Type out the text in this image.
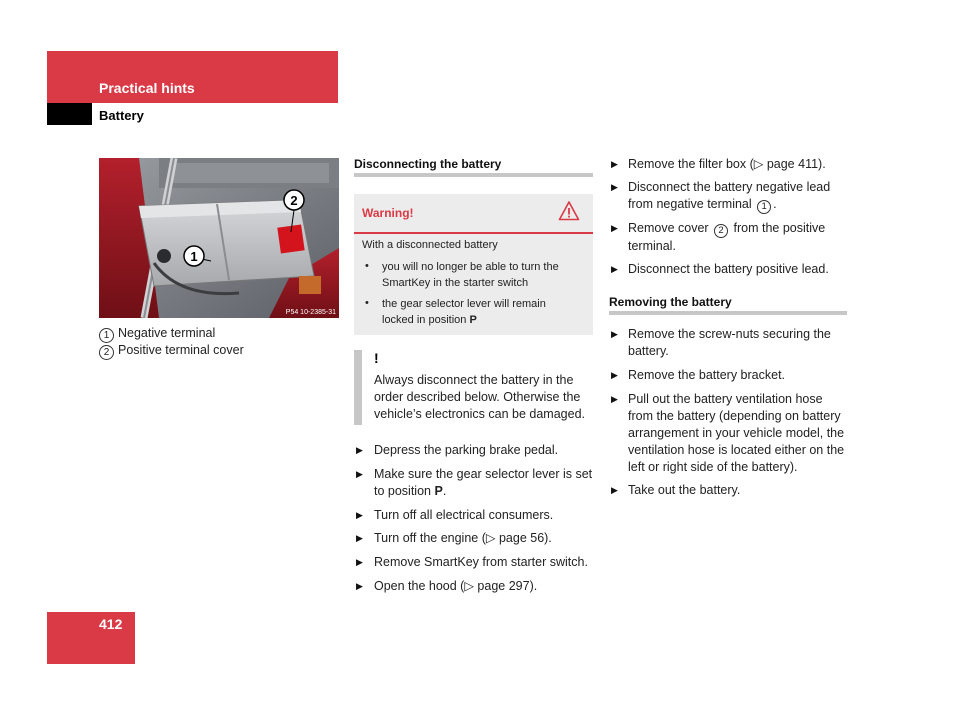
Practical hints
Battery
1
2
P54 10-2385-31
1 Negative terminal
2 Positive terminal cover
Disconnecting the battery
Warning!
With a disconnected battery
• you will no longer be able to turn the
SmartKey in the starter switch
• the gear selector lever will remain
locked in position P
!
Always disconnect the battery in the order described below. Otherwise the vehicle’s electronics can be damaged.
▶ Depress the parking brake pedal.
▶ Make sure the gear selector lever is set
to position P.
▶ Turn off all electrical consumers.
▶ Turn off the engine (▷ page 56).
▶ Remove SmartKey from starter switch.
▶ Open the hood (▷ page 297).
▶ Remove the filter box (▷ page 411).
▶ Disconnect the battery negative lead
from negative terminal 1 .
▶ Remove cover 2 from the positive
terminal.
▶ Disconnect the battery positive lead.
Removing the battery
▶ Remove the screw-nuts securing the
battery.
▶ Remove the battery bracket.
▶ Pull out the battery ventilation hose
from the battery (depending on battery
arrangement in your vehicle model, the
ventilation hose is located either on the
left or right side of the battery).
▶ Take out the battery.
412
